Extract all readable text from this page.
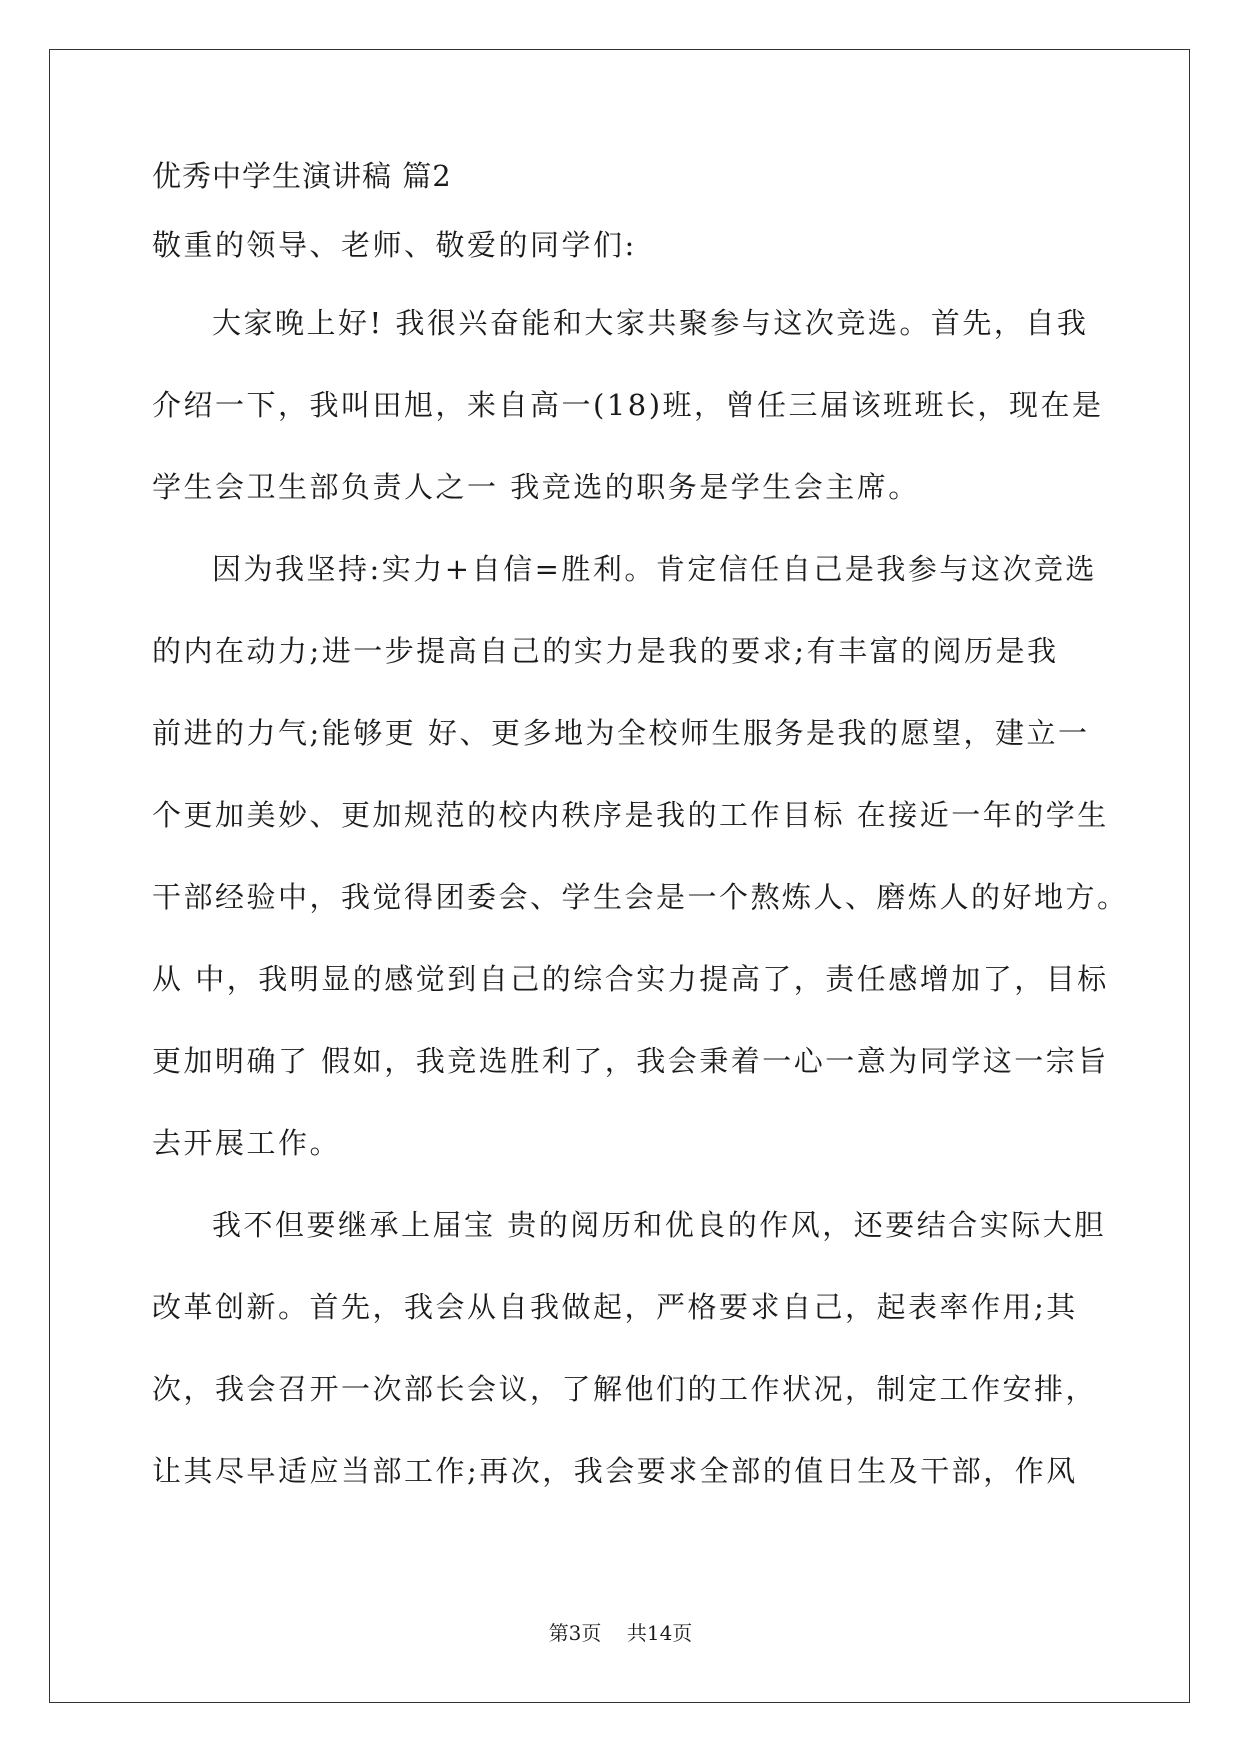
优秀中学生演讲稿 篇2
敬重的领导、老师、敬爱的同学们:
大家晚上好! 我很兴奋能和大家共聚参与这次竞选。首先，自我
介绍一下，我叫田旭，来自高一(18)班，曾任三届该班班长，现在是
学生会卫生部负责人之一 我竞选的职务是学生会主席。
因为我坚持:实力+自信=胜利。肯定信任自己是我参与这次竞选
的内在动力;进一步提高自己的实力是我的要求;有丰富的阅历是我
前进的力气;能够更 好、更多地为全校师生服务是我的愿望，建立一
个更加美妙、更加规范的校内秩序是我的工作目标 在接近一年的学生
干部经验中，我觉得团委会、学生会是一个熬炼人、磨炼人的好地方。
从 中，我明显的感觉到自己的综合实力提高了，责任感增加了，目标
更加明确了 假如，我竞选胜利了，我会秉着一心一意为同学这一宗旨
去开展工作。
我不但要继承上届宝 贵的阅历和优良的作风，还要结合实际大胆
改革创新。首先，我会从自我做起，严格要求自己，起表率作用;其
次，我会召开一次部长会议，了解他们的工作状况，制定工作安排，
让其尽早适应当部工作;再次，我会要求全部的值日生及干部，作风
第3页 共14页
